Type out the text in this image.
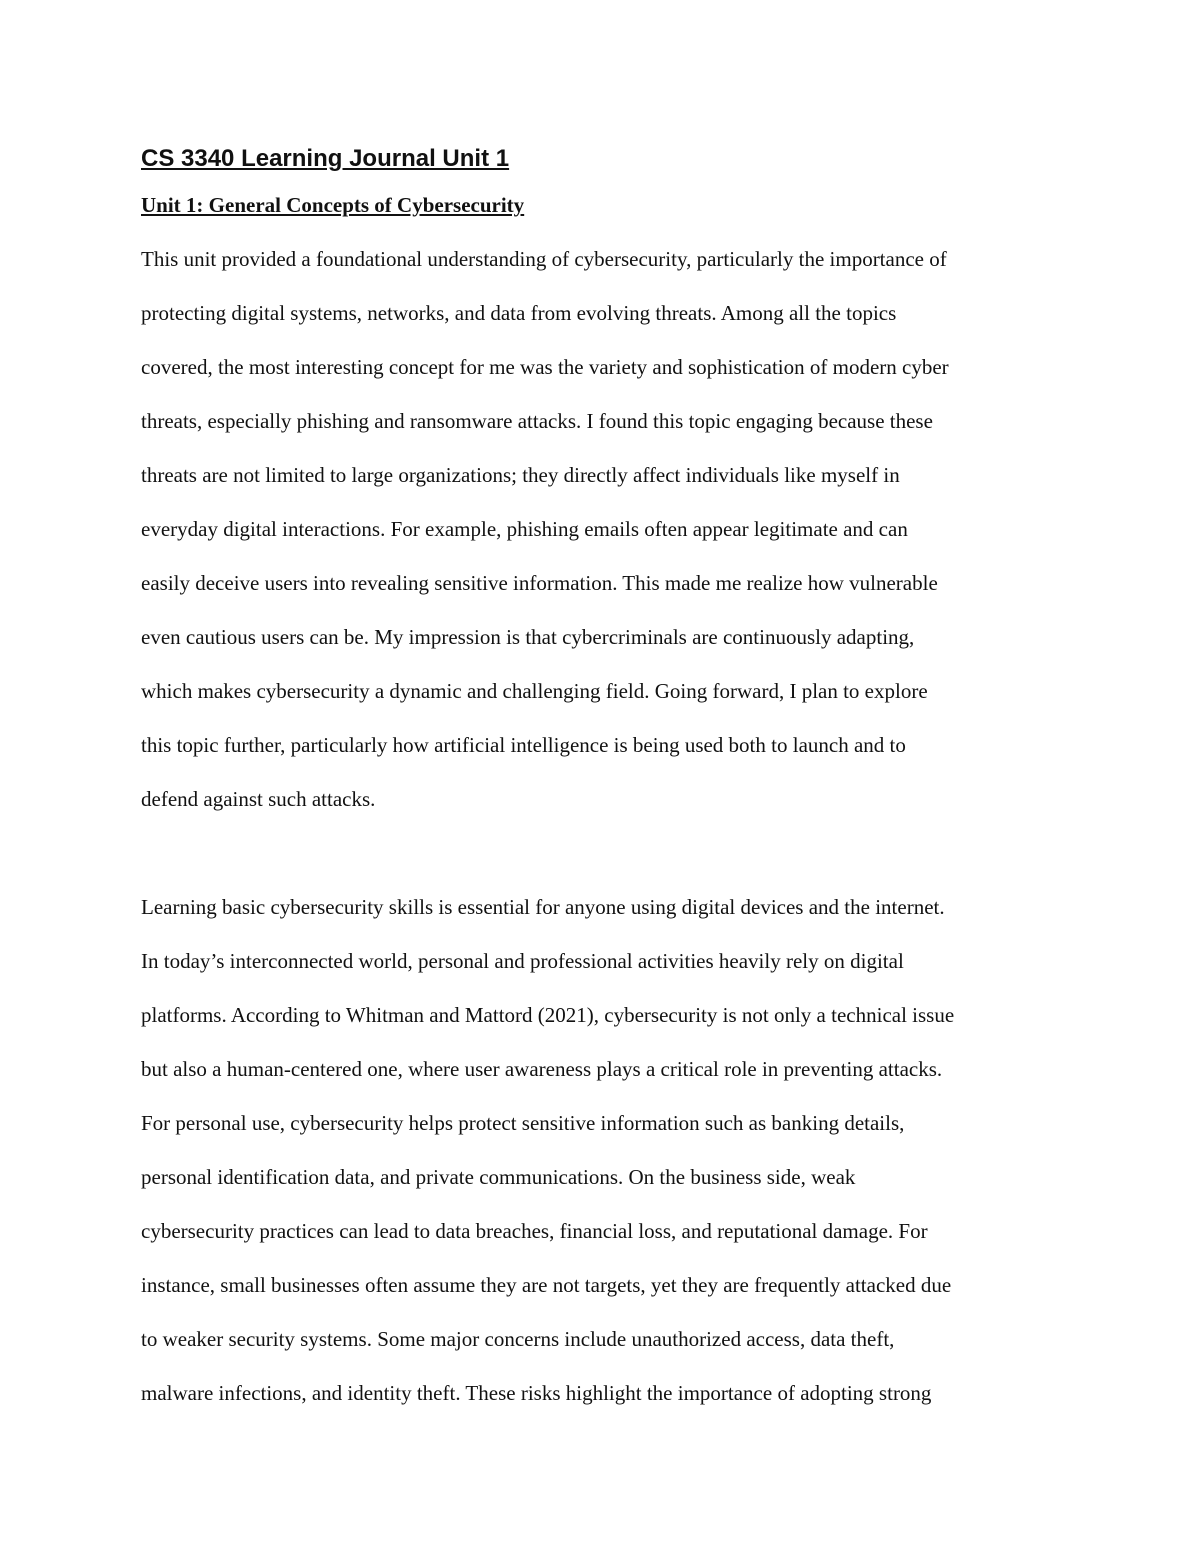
CS 3340 Learning Journal Unit 1
Unit 1: General Concepts of Cybersecurity
This unit provided a foundational understanding of cybersecurity, particularly the importance of
protecting digital systems, networks, and data from evolving threats. Among all the topics
covered, the most interesting concept for me was the variety and sophistication of modern cyber
threats, especially phishing and ransomware attacks. I found this topic engaging because these
threats are not limited to large organizations; they directly affect individuals like myself in
everyday digital interactions. For example, phishing emails often appear legitimate and can
easily deceive users into revealing sensitive information. This made me realize how vulnerable
even cautious users can be. My impression is that cybercriminals are continuously adapting,
which makes cybersecurity a dynamic and challenging field. Going forward, I plan to explore
this topic further, particularly how artificial intelligence is being used both to launch and to
defend against such attacks.
Learning basic cybersecurity skills is essential for anyone using digital devices and the internet.
In today’s interconnected world, personal and professional activities heavily rely on digital
platforms. According to Whitman and Mattord (2021), cybersecurity is not only a technical issue
but also a human-centered one, where user awareness plays a critical role in preventing attacks.
For personal use, cybersecurity helps protect sensitive information such as banking details,
personal identification data, and private communications. On the business side, weak
cybersecurity practices can lead to data breaches, financial loss, and reputational damage. For
instance, small businesses often assume they are not targets, yet they are frequently attacked due
to weaker security systems. Some major concerns include unauthorized access, data theft,
malware infections, and identity theft. These risks highlight the importance of adopting strong
